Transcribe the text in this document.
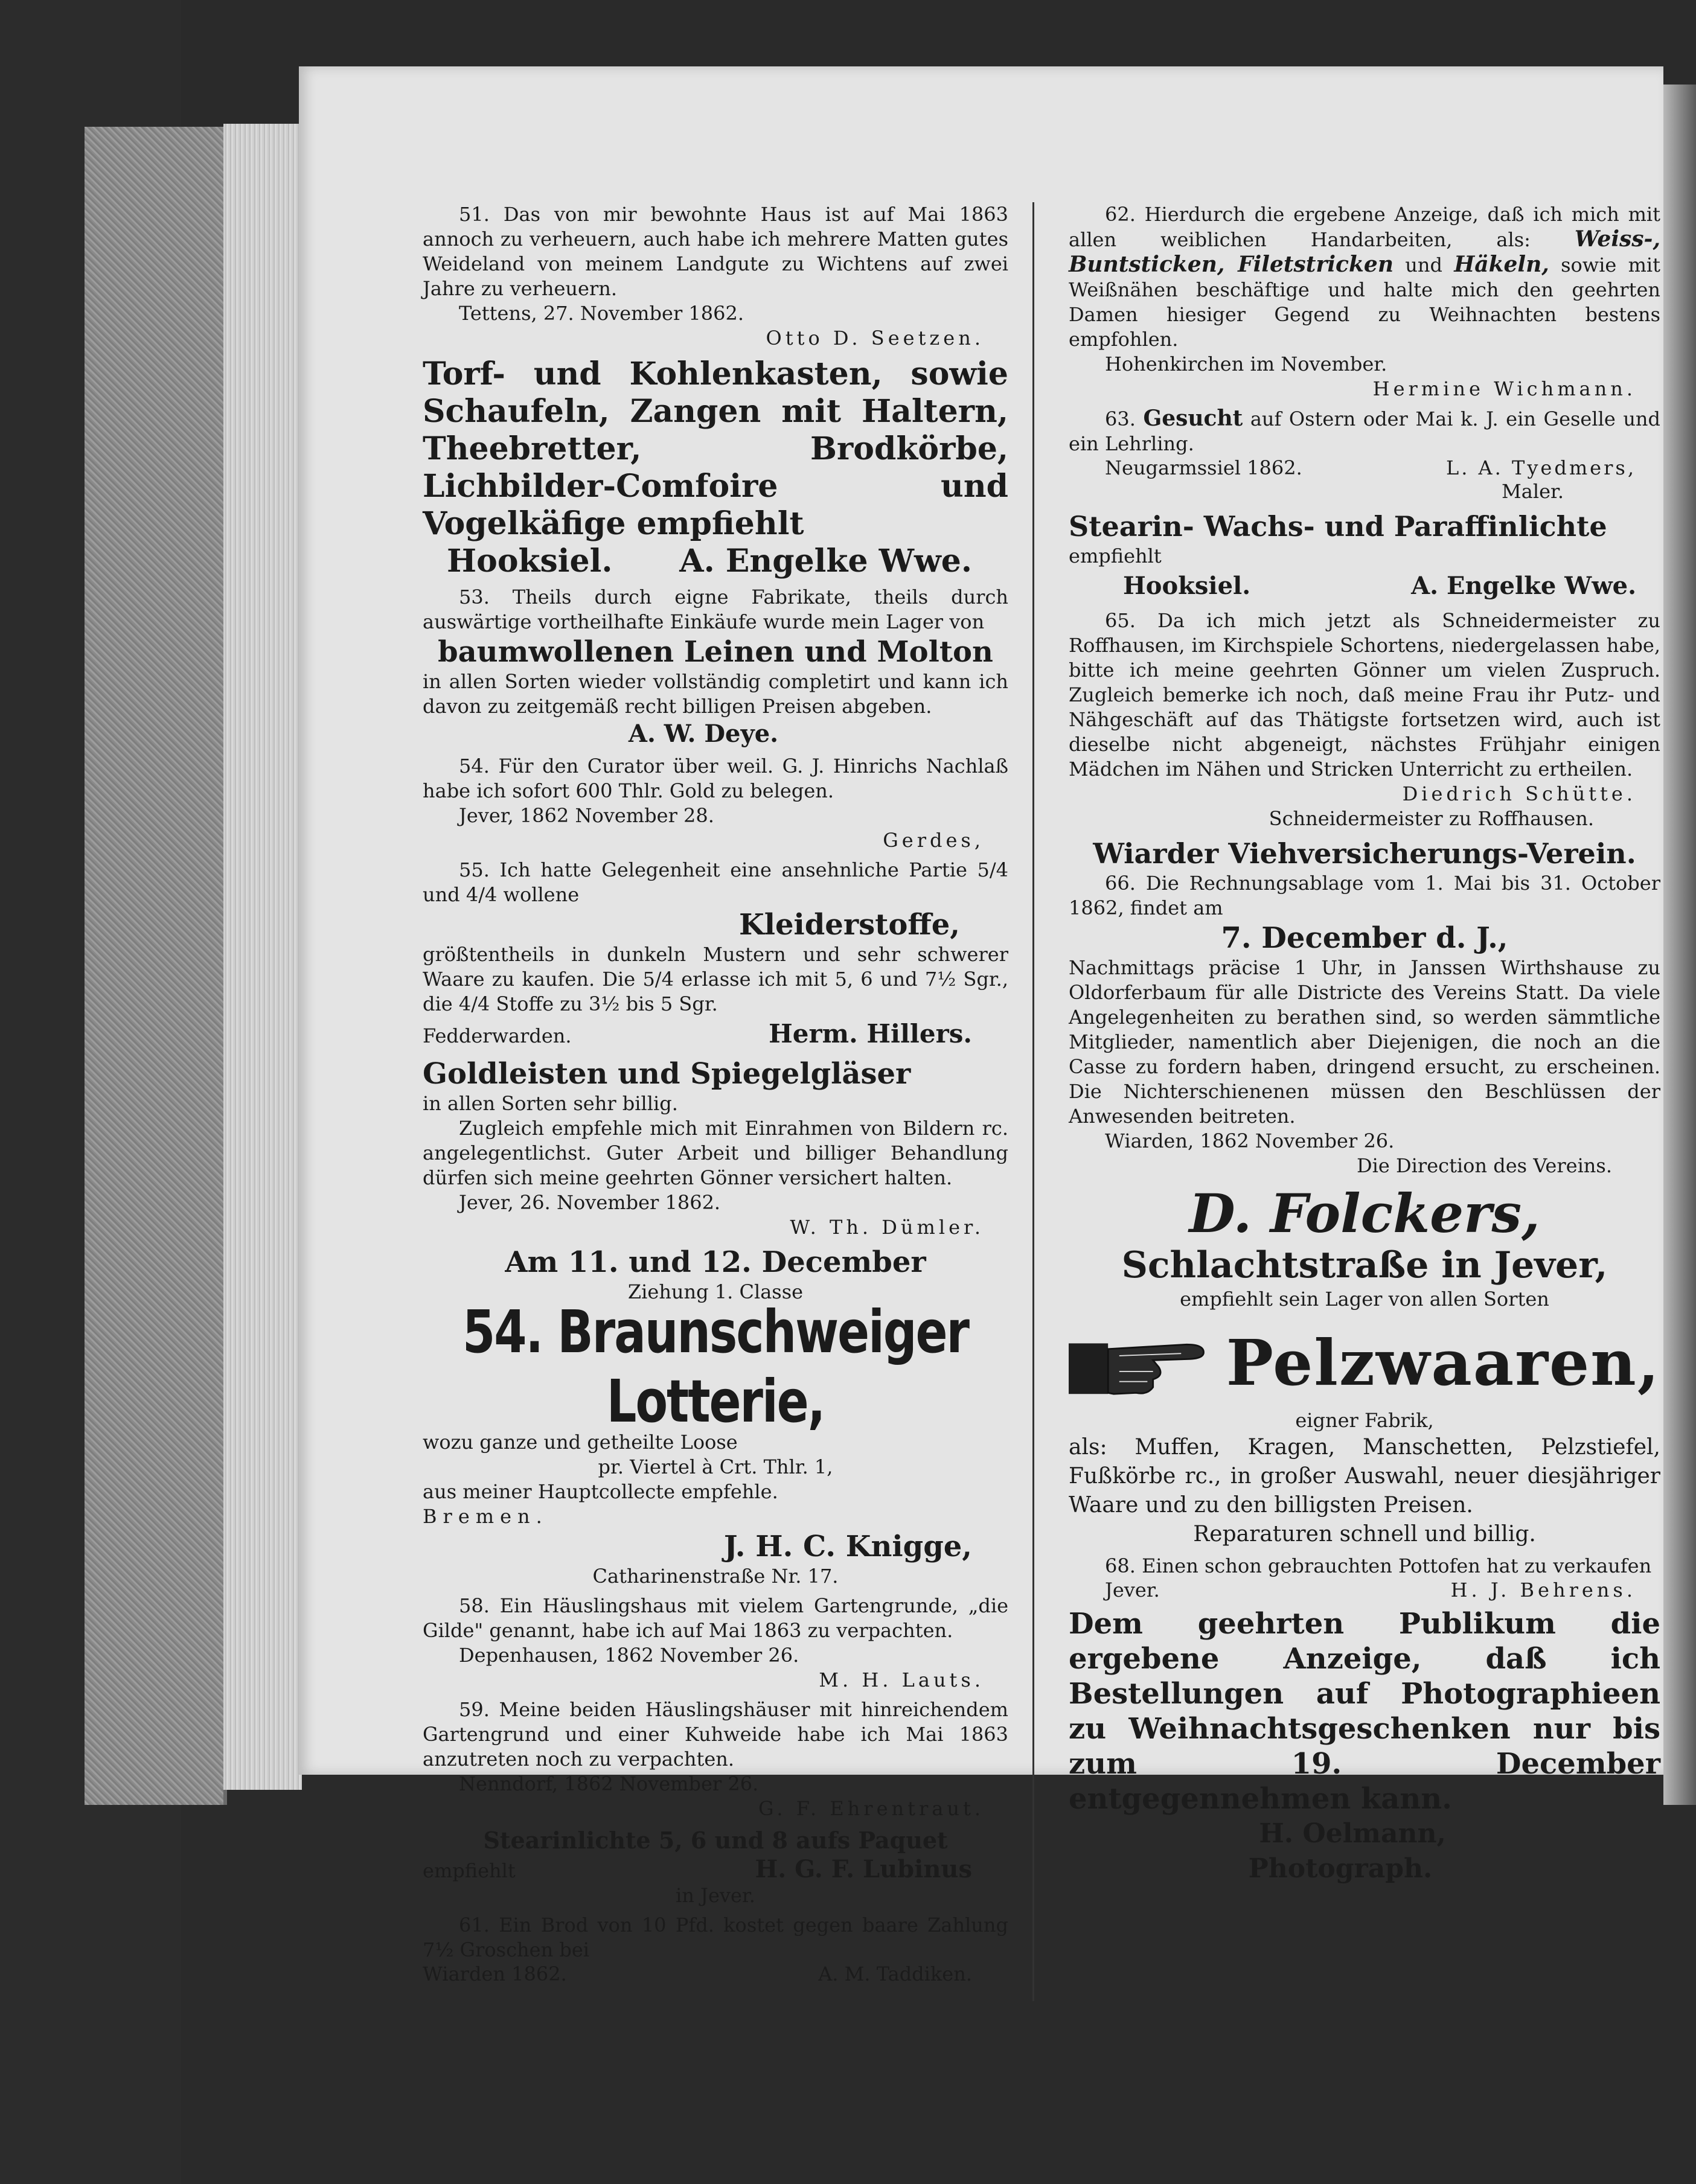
51. Das von mir bewohnte Haus ist auf Mai 1863 annoch zu verheuern, auch habe ich mehrere Matten gutes Weideland von meinem Landgute zu Wichtens auf zwei Jahre zu verheuern.

Tettens, 27. November 1862.

Otto D. Seetzen.

Torf- und Kohlenkasten, sowie Schaufeln, Zangen mit Haltern, Theebretter, Brodkörbe, Lichbilder-Comfoire und Vogelkäfige empfiehlt

Hooksiel. A. Engelke Wwe.

53. Theils durch eigne Fabrikate, theils durch auswärtige vortheilhafte Einkäufe wurde mein Lager von

baumwollenen Leinen und Molton

in allen Sorten wieder vollständig completirt und kann ich davon zu zeitgemäß recht billigen Preisen abgeben.

A. W. Deye.

54. Für den Curator über weil. G. J. Hinrichs Nachlaß habe ich sofort 600 Thlr. Gold zu belegen.

Jever, 1862 November 28.

Gerdes,

55. Ich hatte Gelegenheit eine ansehnliche Partie 5/4 und 4/4 wollene

Kleiderstoffe,

größtentheils in dunkeln Mustern und sehr schwerer Waare zu kaufen. Die 5/4 erlasse ich mit 5, 6 und 7½ Sgr., die 4/4 Stoffe zu 3½ bis 5 Sgr.

Fedderwarden.	Herm. Hillers.

Goldleisten und Spiegelgläser

in allen Sorten sehr billig.

Zugleich empfehle mich mit Einrahmen von Bildern rc. angelegentlichst. Guter Arbeit und billiger Behandlung dürfen sich meine geehrten Gönner versichert halten.

Jever, 26. November 1862.

W. Th. Dümler.

Am 11. und 12. December

Ziehung 1. Classe

54. Braunschweiger Lotterie,

wozu ganze und getheilte Loose

pr. Viertel à Crt. Thlr. 1,

aus meiner Hauptcollecte empfehle.

Bremen.

J. H. C. Knigge,

Catharinenstraße Nr. 17.

58. Ein Häuslingshaus mit vielem Gartengrunde, „die Gilde" genannt, habe ich auf Mai 1863 zu verpachten.

Depenhausen, 1862 November 26.

M. H. Lauts.

59. Meine beiden Häuslingshäuser mit hinreichendem Gartengrund und einer Kuhweide habe ich Mai 1863 anzutreten noch zu verpachten.

Nenndorf, 1862 November 26.

G. F. Ehrentraut.

Stearinlichte 5, 6 und 8 aufs Paquet

empfiehlt	H. G. F. Lubinus

in Jever.

61. Ein Brod von 10 Pfd. kostet gegen baare Zahlung 7½ Groschen bei

Wiarden 1862.	A. M. Taddiken.

62. Hierdurch die ergebene Anzeige, daß ich mich mit allen weiblichen Handarbeiten, als: Weiss-, Buntsticken, Filetstricken und Häkeln, sowie mit Weißnähen beschäftige und halte mich den geehrten Damen hiesiger Gegend zu Weihnachten bestens empfohlen.

Hohenkirchen im November.

Hermine Wichmann.

63. Gesucht auf Ostern oder Mai k. J. ein Geselle und ein Lehrling.

Neugarmssiel 1862.	L. A. Tyedmers,

Maler.

Stearin- Wachs- und Paraffinlichte

empfiehlt

Hooksiel.	A. Engelke Wwe.

65. Da ich mich jetzt als Schneidermeister zu Roffhausen, im Kirchspiele Schortens, niedergelassen habe, bitte ich meine geehrten Gönner um vielen Zuspruch. Zugleich bemerke ich noch, daß meine Frau ihr Putz- und Nähgeschäft auf das Thätigste fortsetzen wird, auch ist dieselbe nicht abgeneigt, nächstes Frühjahr einigen Mädchen im Nähen und Stricken Unterricht zu ertheilen.

Diedrich Schütte.

Schneidermeister zu Roffhausen.

Wiarder Viehversicherungs-Verein.

66. Die Rechnungsablage vom 1. Mai bis 31. October 1862, findet am

7. December d. J.,

Nachmittags präcise 1 Uhr, in Janssen Wirthshause zu Oldorferbaum für alle Districte des Vereins Statt. Da viele Angelegenheiten zu berathen sind, so werden sämmtliche Mitglieder, namentlich aber Diejenigen, die noch an die Casse zu fordern haben, dringend ersucht, zu erscheinen. Die Nichterschienenen müssen den Beschlüssen der Anwesenden beitreten.

Wiarden, 1862 November 26.

Die Direction des Vereins.

D. Folckers,

Schlachtstraße in Jever,

empfiehlt sein Lager von allen Sorten

Pelzwaaren,

eigner Fabrik,

als: Muffen, Kragen, Manschetten, Pelzstiefel, Fußkörbe rc., in großer Auswahl, neuer diesjähriger Waare und zu den billigsten Preisen.

Reparaturen schnell und billig.

68. Einen schon gebrauchten Pottofen hat zu verkaufen

Jever.	H. J. Behrens.

Dem geehrten Publikum die ergebene Anzeige, daß ich Bestellungen auf Photographieen zu Weihnachtsgeschenken nur bis zum 19. December entgegennehmen kann.

H. Oelmann,

Photograph.
